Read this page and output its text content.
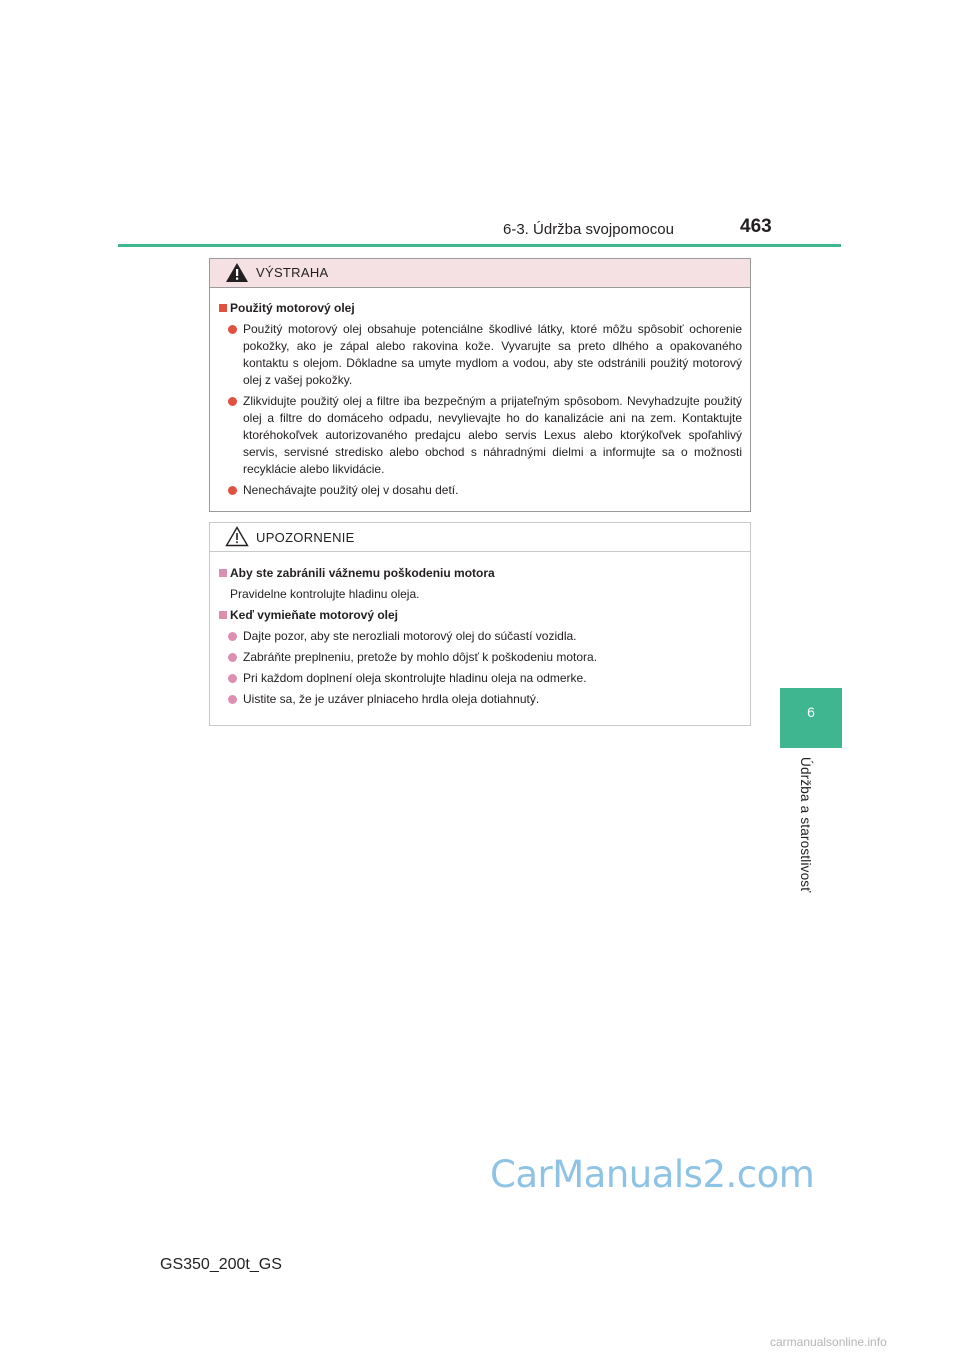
6-3. Údržba svojpomocou	463
6
Údržba a starostlivosť
VÝSTRAHA
Použitý motorový olej
Použitý motorový olej obsahuje potenciálne škodlivé látky, ktoré môžu spôsobiť ochorenie pokožky, ako je zápal alebo rakovina kože. Vyvarujte sa preto dlhého a opakovaného kontaktu s olejom. Dôkladne sa umyte mydlom a vodou, aby ste odstránili použitý motorový olej z vašej pokožky.
Zlikvidujte použitý olej a filtre iba bezpečným a prijateľným spôsobom. Nevyhadzujte použitý olej a filtre do domáceho odpadu, nevylievajte ho do kanalizácie ani na zem. Kontaktujte ktoréhokoľvek autorizovaného predajcu alebo servis Lexus alebo ktorýkoľvek spoľahlivý servis, servisné stredisko alebo obchod s náhradnými dielmi a informujte sa o možnosti recyklácie alebo likvidácie.
Nenechávajte použitý olej v dosahu detí.
UPOZORNENIE
Aby ste zabránili vážnemu poškodeniu motora
Pravidelne kontrolujte hladinu oleja.
Keď vymieňate motorový olej
Dajte pozor, aby ste nerozliali motorový olej do súčastí vozidla.
Zabráňte preplneniu, pretože by mohlo dôjsť k poškodeniu motora.
Pri každom doplnení oleja skontrolujte hladinu oleja na odmerke.
Uistite sa, že je uzáver plniaceho hrdla oleja dotiahnutý.
CarManuals2.com
GS350_200t_GS
carmanualsonline.info
